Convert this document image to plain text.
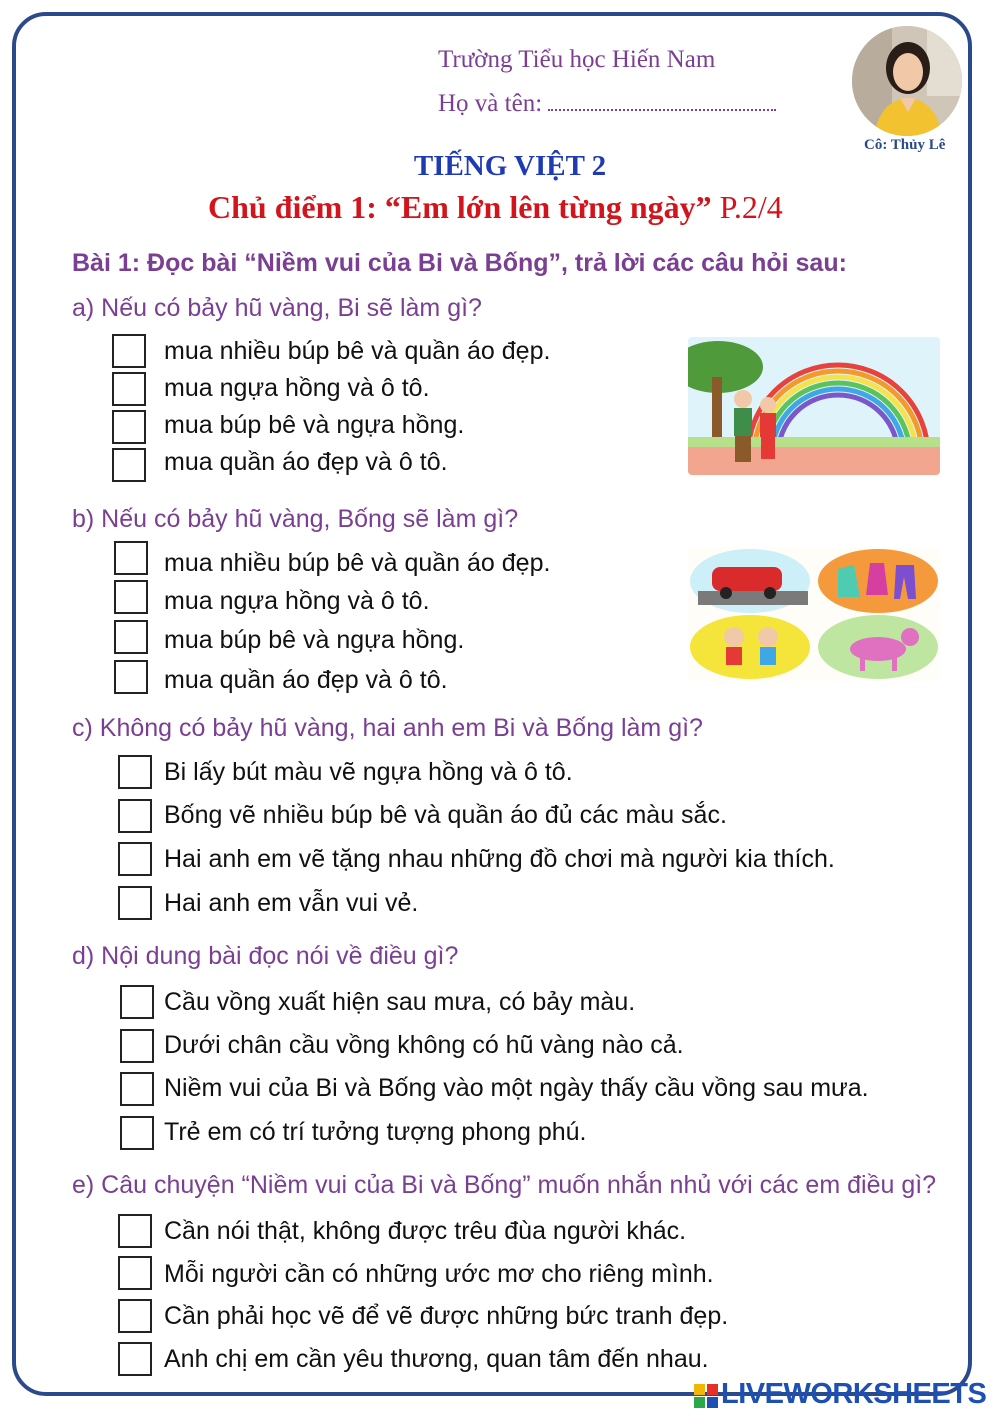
Trường Tiểu học Hiến Nam
Họ và tên:
Cô: Thủy Lê
TIẾNG VIỆT 2
Chủ điểm 1: “Em lớn lên từng ngày” P.2/4
Bài 1: Đọc bài “Niềm vui của Bi và Bống”, trả lời các câu hỏi sau:
a) Nếu có bảy hũ vàng, Bi sẽ làm gì?
mua nhiều búp bê và quần áo đẹp.
mua ngựa hồng và ô tô.
mua búp bê và ngựa hồng.
mua quần áo đẹp và ô tô.
b) Nếu có bảy hũ vàng, Bống sẽ làm gì?
mua nhiều búp bê và quần áo đẹp.
mua ngựa hồng và ô tô.
mua búp bê và ngựa hồng.
mua quần áo đẹp và ô tô.
c) Không có bảy hũ vàng, hai anh em Bi và Bống làm gì?
Bi lấy bút màu vẽ ngựa hồng và ô tô.
Bống vẽ nhiều búp bê và quần áo đủ các màu sắc.
Hai anh em vẽ tặng nhau những đồ chơi mà người kia thích.
Hai anh em vẫn vui vẻ.
d) Nội dung bài đọc nói về điều gì?
Cầu vồng xuất hiện sau mưa, có bảy màu.
Dưới chân cầu vồng không có hũ vàng nào cả.
Niềm vui của Bi và Bống vào một ngày thấy cầu vồng sau mưa.
Trẻ em có trí tưởng tượng phong phú.
e) Câu chuyện “Niềm vui của Bi và Bống” muốn nhắn nhủ với các em điều gì?
Cần nói thật, không được trêu đùa người khác.
Mỗi người cần có những ước mơ cho riêng mình.
Cần phải học vẽ để vẽ được những bức tranh đẹp.
Anh chị em cần yêu thương, quan tâm đến nhau.
LIVEWORKSHEETS
